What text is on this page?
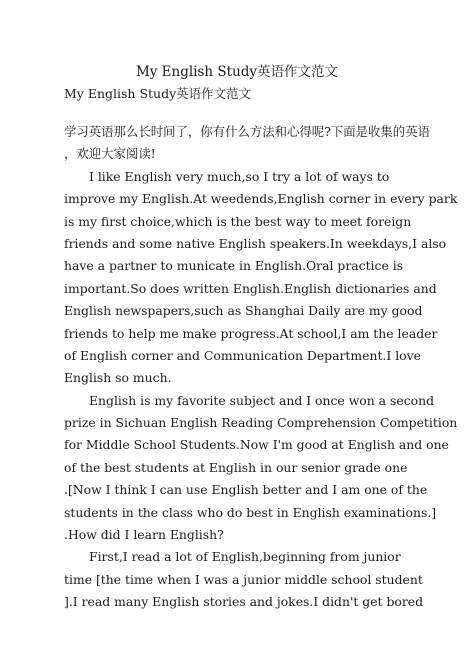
My English Study英语作文范文
My English Study英语作文范文
学习英语那么长时间了，你有什么方法和心得呢?下面是收集的英语
，欢迎大家阅读!
I like English very much,so I try a lot of ways to
improve my English.At weedends,English corner in every park
is my first choice,which is the best way to meet foreign
friends and some native English speakers.In weekdays,I also
have a partner to municate in English.Oral practice is
important.So does written English.English dictionaries and
English newspapers,such as Shanghai Daily are my good
friends to help me make progress.At school,I am the leader
of English corner and Communication Department.I love
English so much.
English is my favorite subject and I once won a second
prize in Sichuan English Reading Comprehension Competition
for Middle School Students.Now I'm good at English and one
of the best students at English in our senior grade one
.[Now I think I can use English better and I am one of the
students in the class who do best in English examinations.]
.How did I learn English?
First,I read a lot of English,beginning from junior
time [the time when I was a junior middle school student
].I read many English stories and jokes.I didn't get bored
